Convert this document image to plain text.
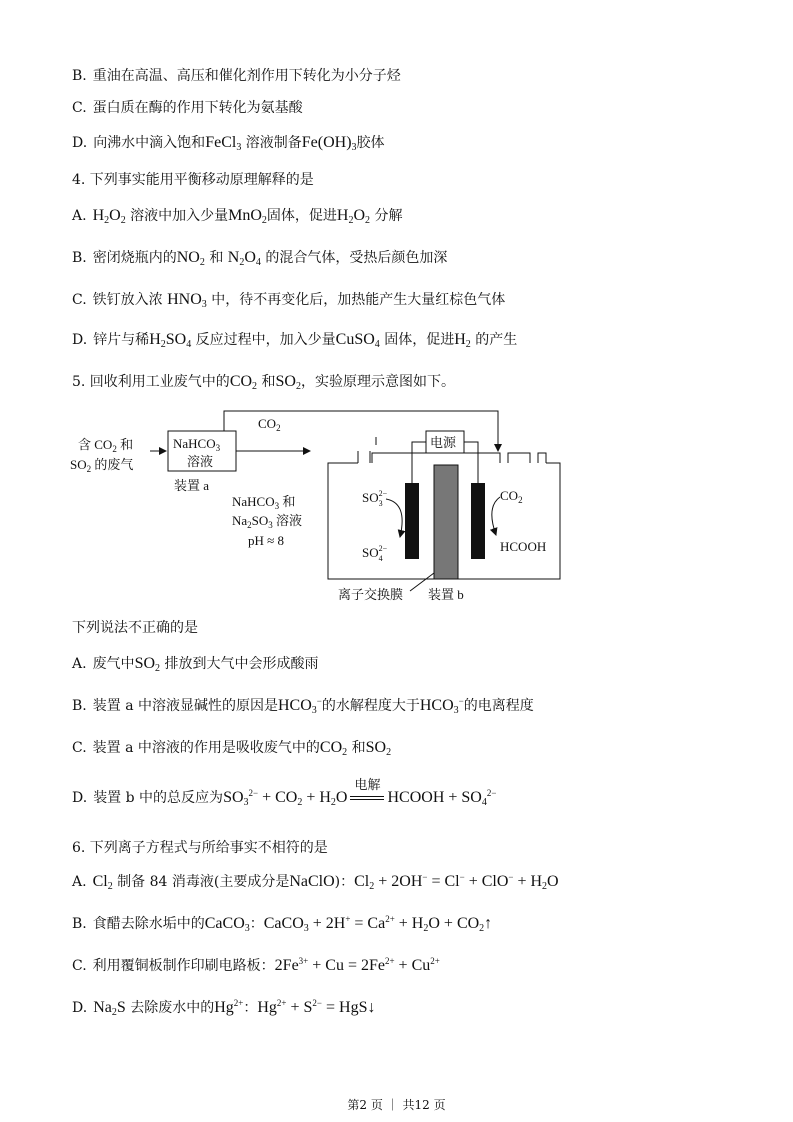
B. 重油在高温、高压和催化剂作用下转化为小分子烃
C. 蛋白质在酶的作用下转化为氨基酸
D. 向沸水中滴入饱和FeCl$_3$ 溶液制备$Fe(OH)_3$胶体
4. 下列事实能用平衡移动原理解释的是
A. $H_2O_2$ 溶液中加入少量MnO$_2$固体，促进$H_2O_2$ 分解
B. 密闭烧瓶内的$NO_2$ 和 $N_2O_4$ 的混合气体，受热后颜色加深
C. 铁钉放入浓 $HNO_3$ 中，待不再变化后，加热能产生大量红棕色气体
D. 锌片与稀$H_2SO_4$ 反应过程中，加入少量CuSO$_4$ 固体，促进$H_2$ 的产生
5. 回收利用工业废气中的$CO_2$ 和$SO_2$，实验原理示意图如下。
含 $CO_2$ 和
$SO_2$ 的废气
NaHCO$_3$
溶液
装置 a
$CO_2$
NaHCO$_3$ 和
$Na_2SO_3$ 溶液
pH ≈ 8
电源
$SO_32-$
$SO_42-$
$CO_2$
HCOOH
离子交换膜 装置 b
下列说法不正确的是
A. 废气中$SO_2$ 排放到大气中会形成酸雨
B. 装置 a 中溶液显碱性的原因是$HCO_3^-$的水解程度大于$HCO_3^-$的电离程度
C. 装置 a 中溶液的作用是吸收废气中的$CO_2$ 和$SO_2$
D. 装置 b 中的总反应为$SO_3^{2-} + CO_2 + H_2O$
电解
HCOOH + $SO_4^{2-}$
6. 下列离子方程式与所给事实不相符的是
A. $Cl_2$ 制备 84 消毒液(主要成分是NaClO)：$Cl_2 + 2OH^- = Cl^- + ClO^- + H_2O$
B. 食醋去除水垢中的CaCO$_3$：CaCO$_3$ + $2H^+ = Ca^{2+} + H_2O$ + $CO_2↑$
C. 利用覆铜板制作印刷电路板：$2Fe^{3+} + Cu = 2Fe^{2+} + Cu^{2+}$
D. $Na_2S$ 去除废水中的$Hg^{2+}$：$Hg^{2+} + S^{2-}$ = HgS↓
第2 页 ｜ 共12 页
